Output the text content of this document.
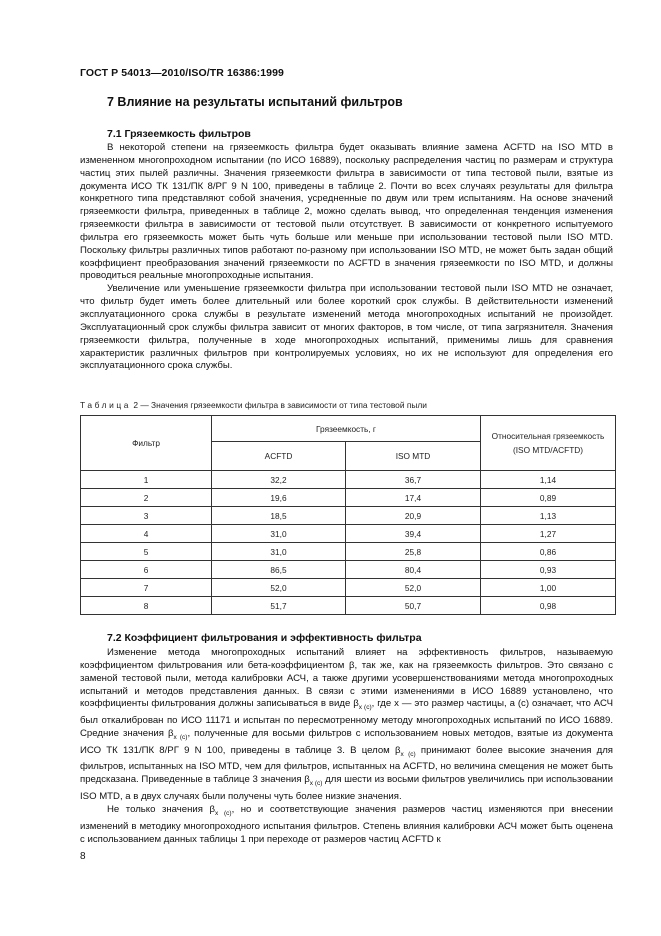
ГОСТ Р 54013—2010/ISO/TR 16386:1999
7 Влияние на результаты испытаний фильтров
7.1 Грязеемкость фильтров

В некоторой степени на грязеемкость фильтра будет оказывать влияние замена ACFTD на ISO MTD в измененном многопроходном испытании (по ИСО 16889), поскольку распределения частиц по размерам и структура частиц этих пылей различны. Значения грязеемкости фильтра в зависимости от типа тестовой пыли, взятые из документа ИСО ТК 131/ПК 8/РГ 9 N 100, приведены в таблице 2. Почти во всех случаях результаты для фильтра конкретного типа представляют собой значения, усредненные по двум или трем испытаниям. На основе значений грязеемкости фильтра, приведенных в таблице 2, можно сделать вывод, что определенная тенденция изменения грязеемкости фильтра в зависимости от тестовой пыли отсутствует. В зависимости от конкретного испытуемого фильтра его грязеемкость может быть чуть больше или меньше при использовании тестовой пыли ISO MTD. Поскольку фильтры различных типов работают по-разному при использовании ISO MTD, не может быть задан общий коэффициент преобразования значений грязеемкости по ACFTD в значения грязеемкости по ISO MTD, и должны проводиться реальные многопроходные испытания.

Увеличение или уменьшение грязеемкости фильтра при использовании тестовой пыли ISO MTD не означает, что фильтр будет иметь более длительный или более короткий срок службы. В действительности изменений эксплуатационного срока службы в результате изменений метода многопроходных испытаний не произойдет. Эксплуатационный срок службы фильтра зависит от многих факторов, в том числе, от типа загрязнителя. Значения грязеемкости фильтра, полученные в ходе многопроходных испытаний, применимы лишь для сравнения характеристик различных фильтров при контролируемых условиях, но их не используют для определения его эксплуатационного срока службы.

Таблица 2 — Значения грязеемкости фильтра в зависимости от типа тестовой пыли
Фильтр	Грязеемкость, г		Относительная грязеемкость
(ISO MTD/ACFTD)

	ACFTD	ISO MTD	
1	32,2	36,7	1,14
2	19,6	17,4	0,89
3	18,5	20,9	1,13
4	31,0	39,4	1,27
5	31,0	25,8	0,86
6	86,5	80,4	0,93
7	52,0	52,0	1,00
8	51,7	50,7	0,98
7.2 Коэффициент фильтрования и эффективность фильтра

Изменение метода многопроходных испытаний влияет на эффективность фильтров, называемую коэффициентом фильтрования или бета-коэффициентом β, так же, как на грязеемкость фильтров. Это связано с заменой тестовой пыли, метода калибровки АСЧ, а также другими усовершенствованиями метода многопроходных испытаний и методов представления данных. В связи с этими изменениями в ИСО 16889 установлено, что коэффициенты фильтрования должны записываться в виде $\beta_{x (c)}$, где x — это размер частицы, а (c) означает, что АСЧ был откалиброван по ИСО 11171 и испытан по пересмотренному методу многопроходных испытаний по ИСО 16889. Средние значения $\beta_{x (c)}$, полученные для восьми фильтров с использованием новых методов, взятые из документа ИСО ТК 131/ПК 8/РГ 9 N 100, приведены в таблице 3. В целом $\beta_{x (c)}$ принимают более высокие значения для фильтров, испытанных на ISO MTD, чем для фильтров, испытанных на ACFTD, но величина смещения не может быть предсказана. Приведенные в таблице 3 значения $\beta_{x (c)}$ для шести из восьми фильтров увеличились при использовании ISO MTD, а в двух случаях были получены чуть более низкие значения.

Не только значения $\beta_{x (c)}$, но и соответствующие значения размеров частиц изменяются при внесении изменений в методику многопроходного испытания фильтров. Степень влияния калибровки АСЧ может быть оценена с использованием данных таблицы 1 при переходе от размеров частиц ACFTD к

8
